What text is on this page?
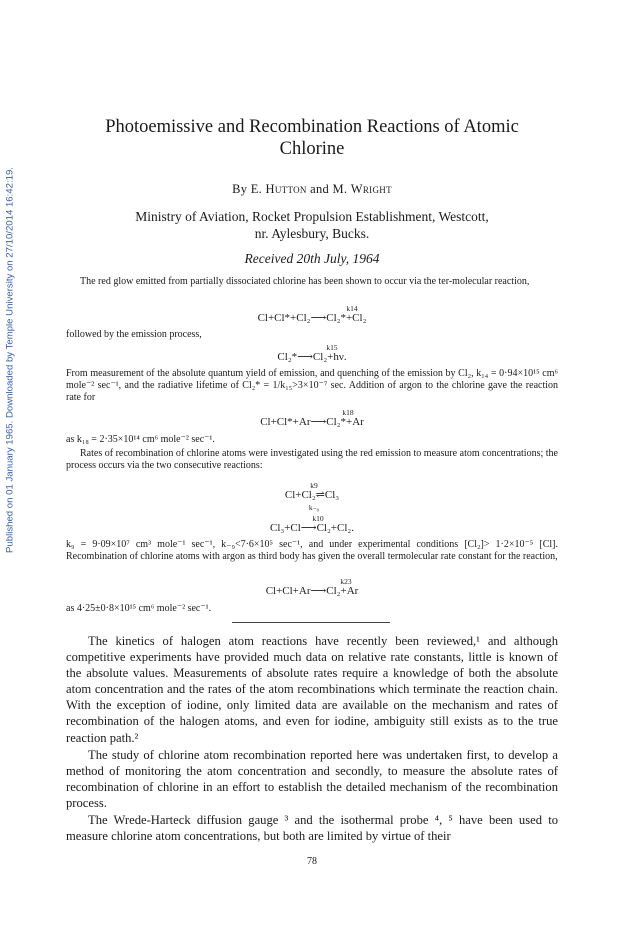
Published on 01 January 1965. Downloaded by Temple University on 27/10/2014 16:42:19.
Photoemissive and Recombination Reactions of Atomic
Chlorine
By E. Hutton and M. Wright
Ministry of Aviation, Rocket Propulsion Establishment, Westcott,
nr. Aylesbury, Bucks.
Received 20th July, 1964
The red glow emitted from partially dissociated chlorine has been shown to occur via the ter-molecular reaction,
Cl+Cl*+Cl₂⟶Cl₂*+Cl₂
k14
followed by the emission process,
Cl₂*⟶Cl₂+hν.
k15
From measurement of the absolute quantum yield of emission, and quenching of the emission by Cl₂, k₁₄ = 0·94×10¹⁵ cm⁶ mole⁻² sec⁻¹, and the radiative lifetime of Cl₂* = 1/k₁₅>3×10⁻⁷ sec. Addition of argon to the chlorine gave the reaction rate for
Cl+Cl*+Ar⟶Cl₂*+Ar
k18
as k₁₈ = 2·35×10¹⁴ cm⁶ mole⁻² sec⁻¹.
Rates of recombination of chlorine atoms were investigated using the red emission to measure atom concentrations; the process occurs via the two consecutive reactions:
Cl+Cl₂⇌Cl₃
k9
k₋₉
Cl₃+Cl⟶Cl₂+Cl₂.
k10
k₉ = 9·09×10⁷ cm³ mole⁻¹ sec⁻¹, k₋₉<7·6×10⁵ sec⁻¹, and under experimental conditions [Cl₂]> 1·2×10⁻⁵ [Cl]. Recombination of chlorine atoms with argon as third body has given the overall termolecular rate constant for the reaction,
Cl+Cl+Ar⟶Cl₂+Ar
k23
as 4·25±0·8×10¹⁵ cm⁶ mole⁻² sec⁻¹.
The kinetics of halogen atom reactions have recently been reviewed,¹ and although competitive experiments have provided much data on relative rate constants, little is known of the absolute values. Measurements of absolute rates require a knowledge of both the absolute atom concentration and the rates of the atom recombinations which terminate the reaction chain. With the exception of iodine, only limited data are available on the mechanism and rates of recombination of the halogen atoms, and even for iodine, ambiguity still exists as to the true reaction path.²
The study of chlorine atom recombination reported here was undertaken first, to develop a method of monitoring the atom concentration and secondly, to measure the absolute rates of recombination of chlorine in an effort to establish the detailed mechanism of the recombination process.
The Wrede-Harteck diffusion gauge ³ and the isothermal probe ⁴, ⁵ have been used to measure chlorine atom concentrations, but both are limited by virtue of their
78
